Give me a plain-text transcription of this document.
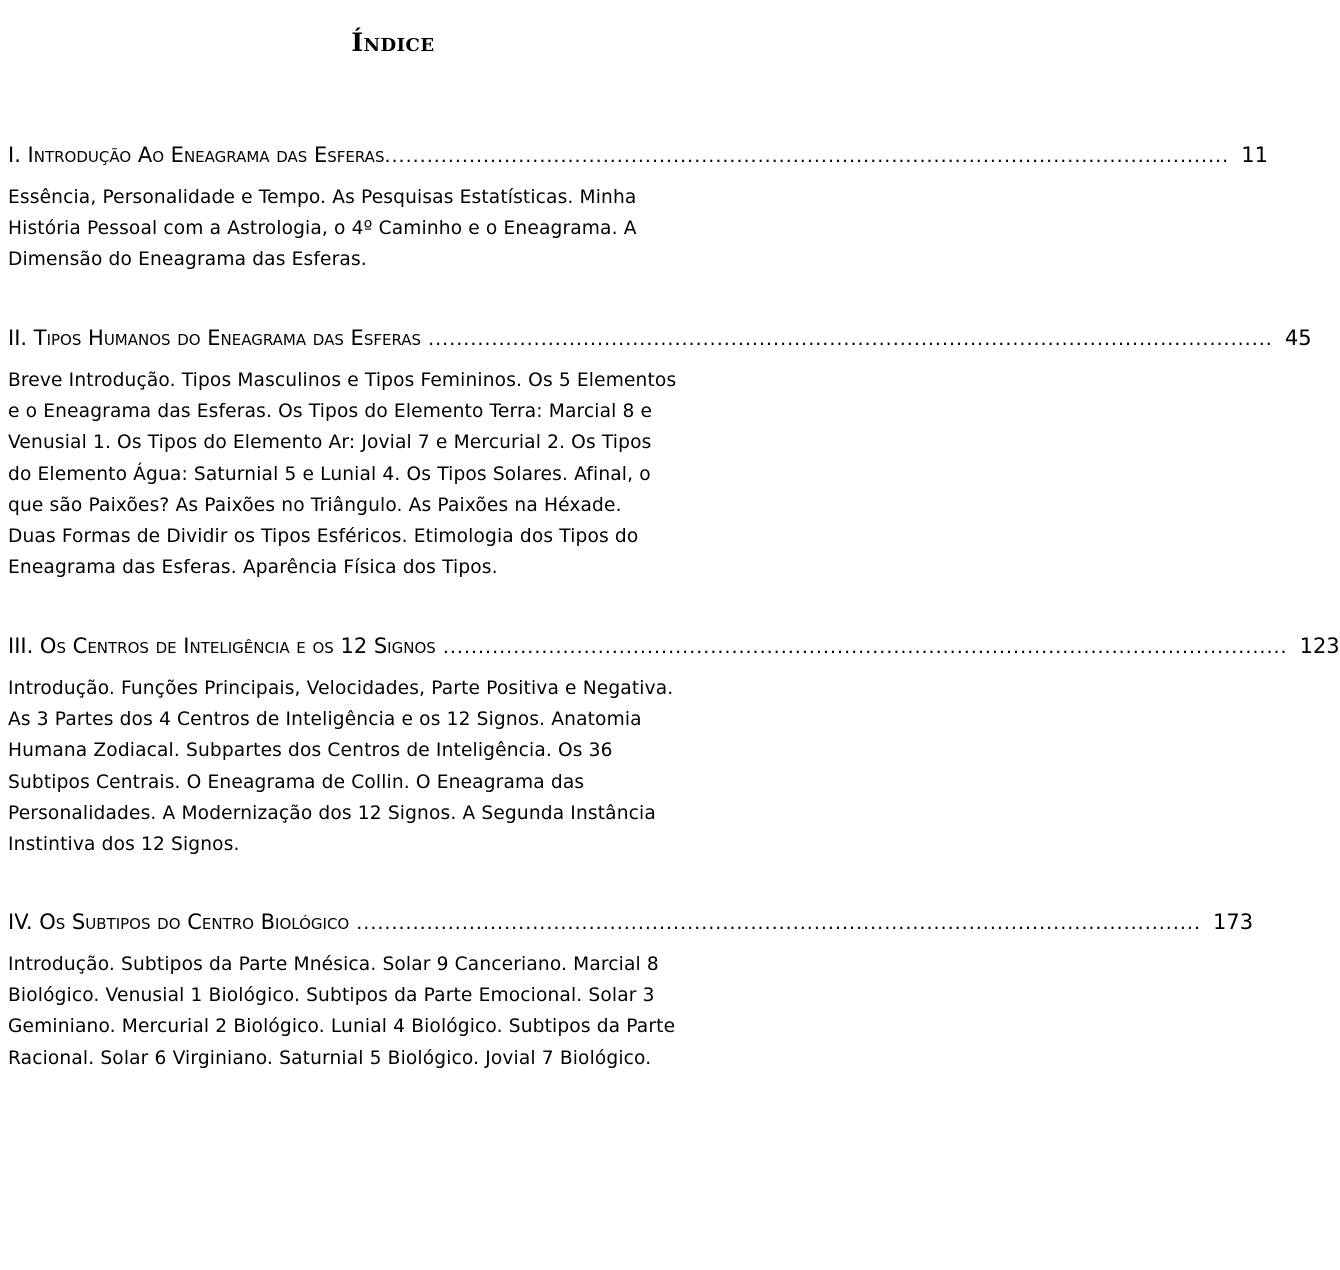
Índice
I. Introdução Ao Eneagrama das Esferas ........................................................................................................................ 11
Essência, Personalidade e Tempo. As Pesquisas Estatísticas. Minha
História Pessoal com a Astrologia, o 4º Caminho e o Eneagrama. A
Dimensão do Eneagrama das Esferas.
II. Tipos Humanos do Eneagrama das Esferas ........................................................................................................................ 45
Breve Introdução. Tipos Masculinos e Tipos Femininos. Os 5 Elementos
e o Eneagrama das Esferas. Os Tipos do Elemento Terra: Marcial 8 e
Venusial 1. Os Tipos do Elemento Ar: Jovial 7 e Mercurial 2. Os Tipos
do Elemento Água: Saturnial 5 e Lunial 4. Os Tipos Solares. Afinal, o
que são Paixões? As Paixões no Triângulo. As Paixões na Héxade.
Duas Formas de Dividir os Tipos Esféricos. Etimologia dos Tipos do
Eneagrama das Esferas. Aparência Física dos Tipos.
III. Os Centros de Inteligência e os 12 Signos ........................................................................................................................ 123
Introdução. Funções Principais, Velocidades, Parte Positiva e Negativa.
As 3 Partes dos 4 Centros de Inteligência e os 12 Signos. Anatomia
Humana Zodiacal. Subpartes dos Centros de Inteligência. Os 36
Subtipos Centrais. O Eneagrama de Collin. O Eneagrama das
Personalidades. A Modernização dos 12 Signos. A Segunda Instância
Instintiva dos 12 Signos.
IV. Os Subtipos do Centro Biológico ........................................................................................................................ 173
Introdução. Subtipos da Parte Mnésica. Solar 9 Canceriano. Marcial 8
Biológico. Venusial 1 Biológico. Subtipos da Parte Emocional. Solar 3
Geminiano. Mercurial 2 Biológico. Lunial 4 Biológico. Subtipos da Parte
Racional. Solar 6 Virginiano. Saturnial 5 Biológico. Jovial 7 Biológico.
